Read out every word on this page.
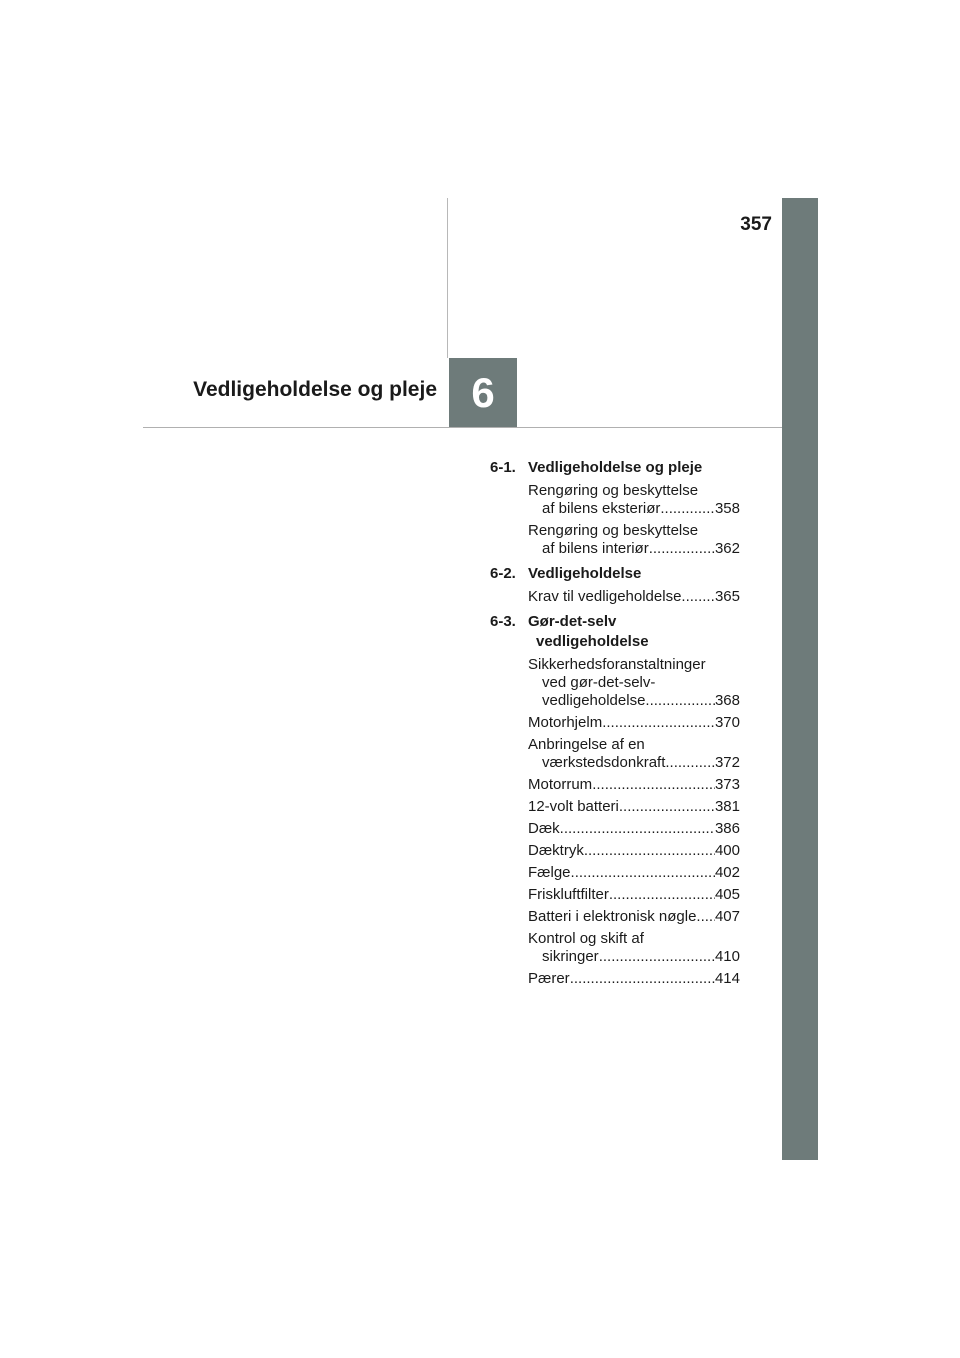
357
Vedligeholdelse og pleje 6
6-1. Vedligeholdelse og pleje
Rengøring og beskyttelse
af bilens eksteriør .....	358
Rengøring og beskyttelse
af bilens interiør .....	362
6-2. Vedligeholdelse
Krav til vedligeholdelse ..... 365
6-3. Gør-det-selv
vedligeholdelse
Sikkerhedsforanstaltninger
ved gør-det-selv-
vedligeholdelse .....	368
Motorhjelm .....	370
Anbringelse af en
værkstedsdonkraft .....	372
Motorrum .....	373
12-volt batteri .....	381
Dæk .....	386
Dæktryk .....	400
Fælge .....	402
Friskluftfilter .....	405
Batteri i elektronisk nøgle ..... 407
Kontrol og skift af
sikringer .....	410
Pærer .....	414
